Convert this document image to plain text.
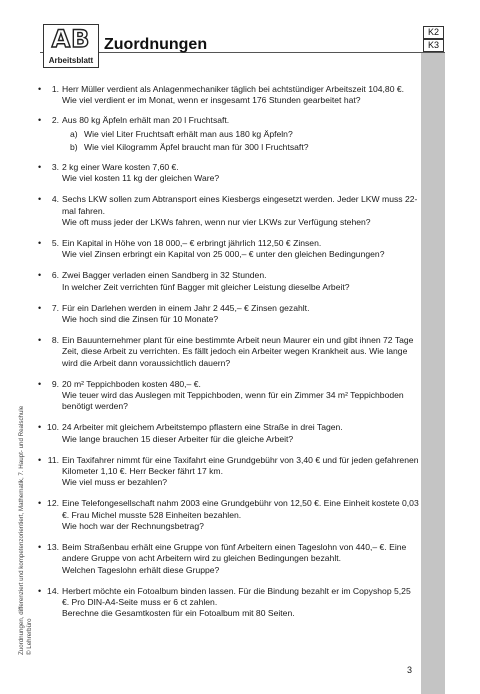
AB
Arbeitsblatt
Zuordnungen
K2
K3
Zuordnungen, differenziert und kompetenzorientiert, Mathematik, 7. Haupt- und Realschule © Lehrerbüro
•	1. Herr Müller verdient als Anlagenmechaniker täglich bei achtstündiger Arbeitszeit 104,80 €.

Wie viel verdient er im Monat, wenn er insgesamt 176 Stunden gearbeitet hat?

•	2. Aus 80 kg Äpfeln erhält man 20 l Fruchtsaft.

a) Wie viel Liter Fruchtsaft erhält man aus 180 kg Äpfeln?
b) Wie viel Kilogramm Äpfel braucht man für 300 l Fruchtsaft?
•	3. 2 kg einer Ware kosten 7,60 €.

Wie viel kosten 11 kg der gleichen Ware?

•	4. Sechs LKW sollen zum Abtransport eines Kiesbergs eingesetzt werden. Jeder LKW muss 22-mal fahren.

Wie oft muss jeder der LKWs fahren, wenn nur vier LKWs zur Verfügung stehen?

•	5. Ein Kapital in Höhe von 18 000,– € erbringt jährlich 112,50 € Zinsen.

Wie viel Zinsen erbringt ein Kapital von 25 000,– € unter den gleichen Bedingungen?

•	6. Zwei Bagger verladen einen Sandberg in 32 Stunden.

In welcher Zeit verrichten fünf Bagger mit gleicher Leistung dieselbe Arbeit?

•	7. Für ein Darlehen werden in einem Jahr 2 445,– € Zinsen gezahlt.

Wie hoch sind die Zinsen für 10 Monate?

•	8. Ein Bauunternehmer plant für eine bestimmte Arbeit neun Maurer ein und gibt ihnen 72 Tage Zeit, diese Arbeit zu verrichten. Es fällt jedoch ein Arbeiter wegen Krankheit aus. Wie lange wird die Arbeit dann voraussichtlich dauern?

•	9. 20 m² Teppichboden kosten 480,– €.

Wie teuer wird das Auslegen mit Teppichboden, wenn für ein Zimmer 34 m² Teppichboden benötigt werden?

• 10. 24 Arbeiter mit gleichem Arbeitstempo pflastern eine Straße in drei Tagen.

Wie lange brauchen 15 dieser Arbeiter für die gleiche Arbeit?

• 11. Ein Taxifahrer nimmt für eine Taxifahrt eine Grundgebühr von 3,40 € und für jeden gefahrenen Kilometer 1,10 €. Herr Becker fährt 17 km.

Wie viel muss er bezahlen?

• 12. Eine Telefongesellschaft nahm 2003 eine Grundgebühr von 12,50 €. Eine Einheit kostete 0,03 €. Frau Michel musste 528 Einheiten bezahlen.

Wie hoch war der Rechnungsbetrag?

• 13. Beim Straßenbau erhält eine Gruppe von fünf Arbeitern einen Tageslohn von 440,– €. Eine andere Gruppe von acht Arbeitern wird zu gleichen Bedingungen bezahlt.

Welchen Tageslohn erhält diese Gruppe?

• 14. Herbert möchte ein Fotoalbum binden lassen. Für die Bindung bezahlt er im Copyshop 5,25 €. Pro DIN-A4-Seite muss er 6 ct zahlen.

Berechne die Gesamtkosten für ein Fotoalbum mit 80 Seiten.

3
